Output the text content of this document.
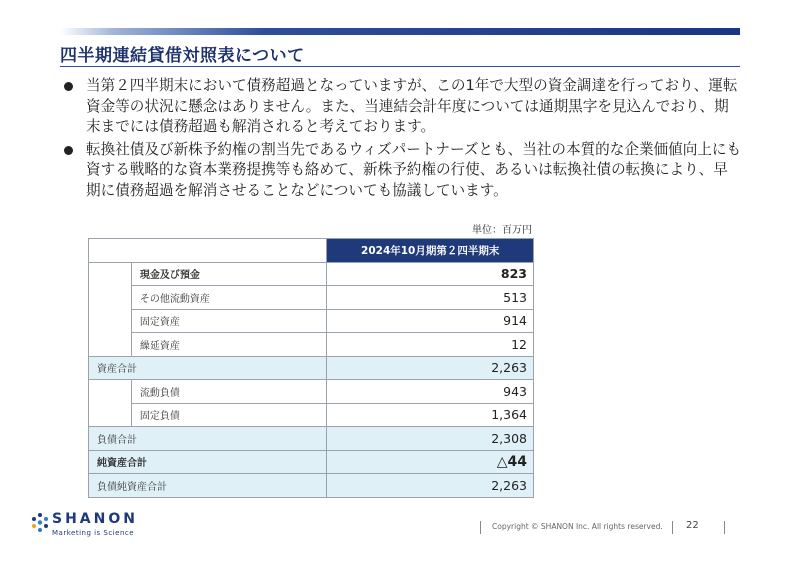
四半期連結貸借対照表について
当第２四半期末において債務超過となっていますが、この1年で大型の資金調達を行っており、運転資金等の状況に懸念はありません。また、当連結会計年度については通期黒字を見込んでおり、期末までには債務超過も解消されると考えております。
転換社債及び新株予約権の割当先であるウィズパートナーズとも、当社の本質的な企業価値向上にも資する戦略的な資本業務提携等も絡めて、新株予約権の行使、あるいは転換社債の転換により、早期に債務超過を解消させることなどについても協議しています。
単位：百万円
		2024年10月期第２四半期末
	現金及び預金	823
	その他流動資産	513
	固定資産	914
	繰延資産	12
資産合計		2,263
	流動負債	943
	固定負債	1,364
負債合計		2,308
純資産合計		△44
負債純資産合計		2,263
SHANON
Marketing is Science
Copyright © SHANON Inc. All rights reserved. 22
